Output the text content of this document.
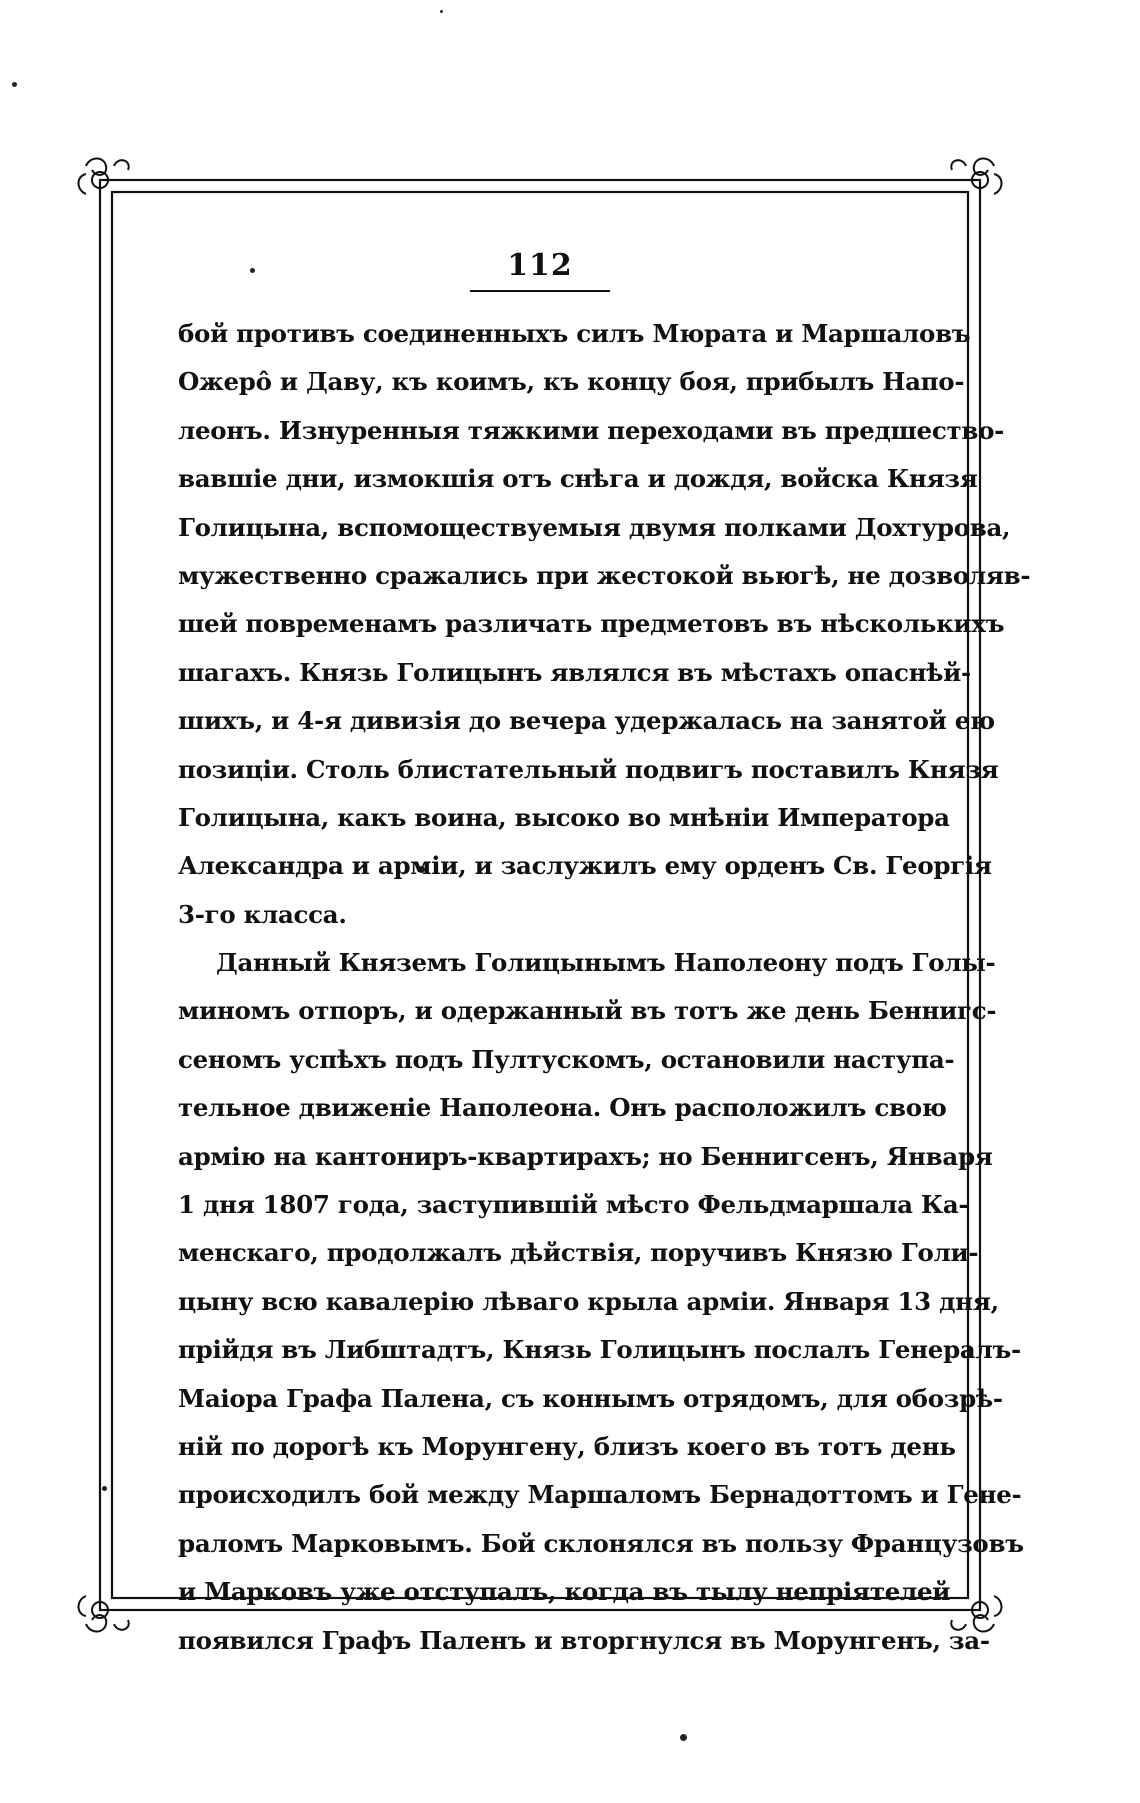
112
бой противъ соединенныхъ силъ Мюрата и Маршаловъ
Ожерô и Даву, къ коимъ, къ концу боя, прибылъ Напо-
леонъ. Изнуренныя тяжкими переходами въ предшество-
вавшіе дни, измокшія отъ снѣга и дождя, войска Князя
Голицына, вспомоществуемыя двумя полками Дохтурова,
мужественно сражались при жестокой вьюгѣ, не дозволяв-
шей повременамъ различать предметовъ въ нѣсколькихъ
шагахъ. Князь Голицынъ являлся въ мѣстахъ опаснѣй-
шихъ, и 4-я дивизія до вечера удержалась на занятой ею
позиціи. Столь блистательный подвигъ поставилъ Князя
Голицына, какъ воина, высоко во мнѣніи Императора
Александра и арміи, и заслужилъ ему орденъ Св. Георгія
3-го класса.
Данный Княземъ Голицынымъ Наполеону подъ Голы-
миномъ отпоръ, и одержанный въ тотъ же день Беннигс-
сеномъ успѣхъ подъ Пултускомъ, остановили наступа-
тельное движеніе Наполеона. Онъ расположилъ свою
армію на кантониръ-квартирахъ; но Беннигсенъ, Января
1 дня 1807 года, заступившій мѣсто Фельдмаршала Ка-
менскаго, продолжалъ дѣйствія, поручивъ Князю Голи-
цыну всю кавалерію лѣваго крыла арміи. Января 13 дня,
прійдя въ Либштадтъ, Князь Голицынъ послалъ Генералъ-
Маіора Графа Палена, съ коннымъ отрядомъ, для обозрѣ-
ній по дорогѣ къ Морунгену, близъ коего въ тотъ день
происходилъ бой между Маршаломъ Бернадоттомъ и Гене-
раломъ Марковымъ. Бой склонялся въ пользу Французовъ
и Марковъ уже отступалъ, когда въ тылу непріятелей
появился Графъ Паленъ и вторгнулся въ Морунгенъ, за-
